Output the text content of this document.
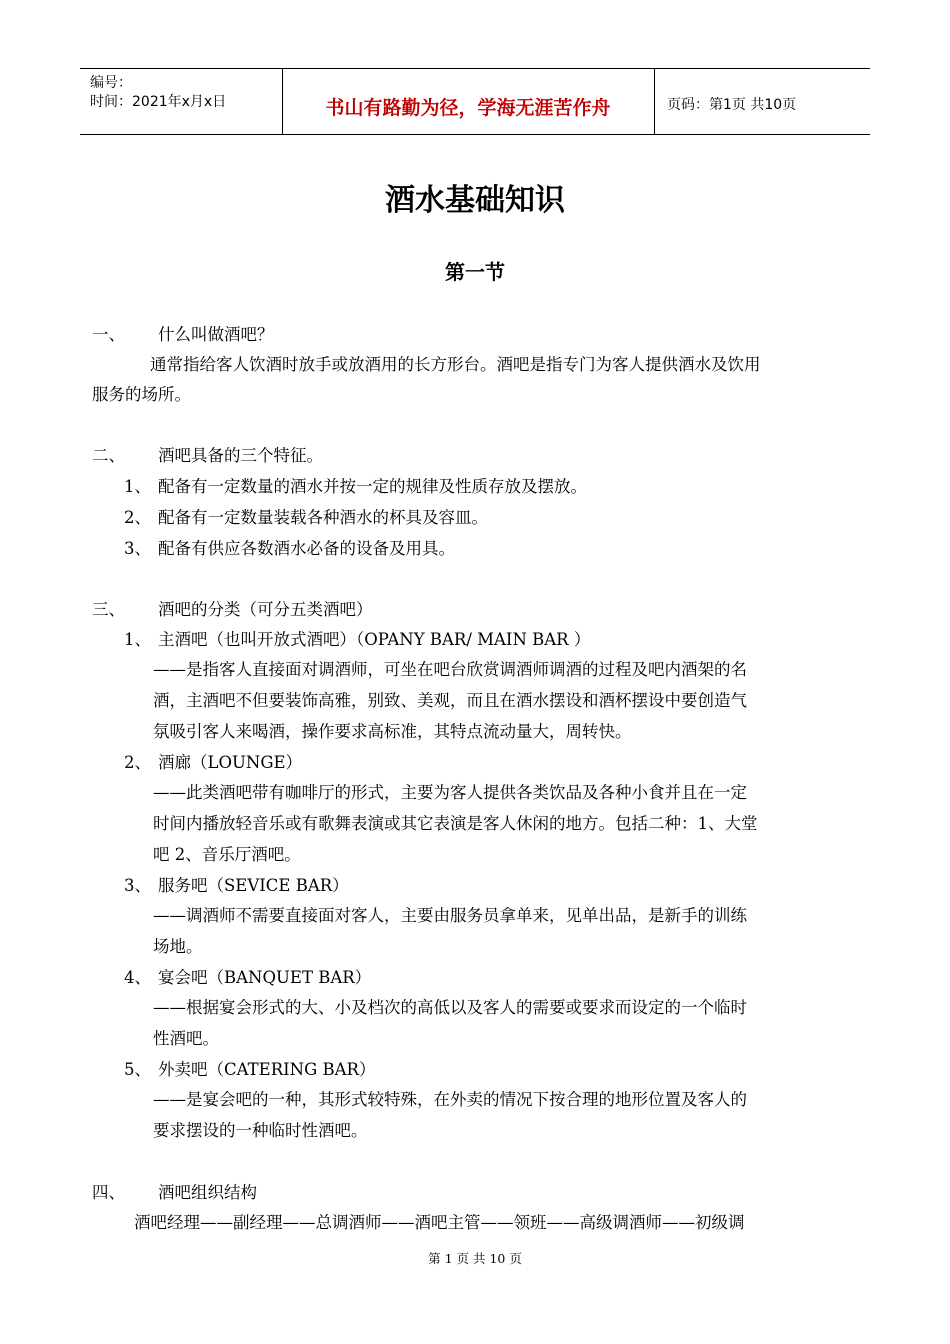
编号：
时间：2021年x月x日	书山有路勤为径，学海无涯苦作舟	页码：第1页 共10页
酒水基础知识
第一节
一、 什么叫做酒吧？
通常指给客人饮酒时放手或放酒用的长方形台。酒吧是指专门为客人提供酒水及饮用
服务的场所。
二、 酒吧具备的三个特征。
1、 配备有一定数量的酒水并按一定的规律及性质存放及摆放。
2、 配备有一定数量装载各种酒水的杯具及容皿。
3、 配备有供应各数酒水必备的设备及用具。
三、 酒吧的分类（可分五类酒吧）
1、 主酒吧（也叫开放式酒吧）（OPANY BAR/ MAIN BAR ）
——是指客人直接面对调酒师，可坐在吧台欣赏调酒师调酒的过程及吧内酒架的名
酒，主酒吧不但要装饰高雅，别致、美观，而且在酒水摆设和酒杯摆设中要创造气
氛吸引客人来喝酒，操作要求高标准，其特点流动量大，周转快。
2、 酒廊（LOUNGE）
——此类酒吧带有咖啡厅的形式，主要为客人提供各类饮品及各种小食并且在一定
时间内播放轻音乐或有歌舞表演或其它表演是客人休闲的地方。包括二种：1、大堂
吧 2、音乐厅酒吧。
3、 服务吧（SEVICE BAR）
——调酒师不需要直接面对客人，主要由服务员拿单来，见单出品，是新手的训练
场地。
4、 宴会吧（BANQUET BAR）
——根据宴会形式的大、小及档次的高低以及客人的需要或要求而设定的一个临时
性酒吧。
5、 外卖吧（CATERING BAR）
——是宴会吧的一种，其形式较特殊，在外卖的情况下按合理的地形位置及客人的
要求摆设的一种临时性酒吧。
四、 酒吧组织结构
酒吧经理——副经理——总调酒师——酒吧主管——领班——高级调酒师——初级调
第 1 页 共 10 页
